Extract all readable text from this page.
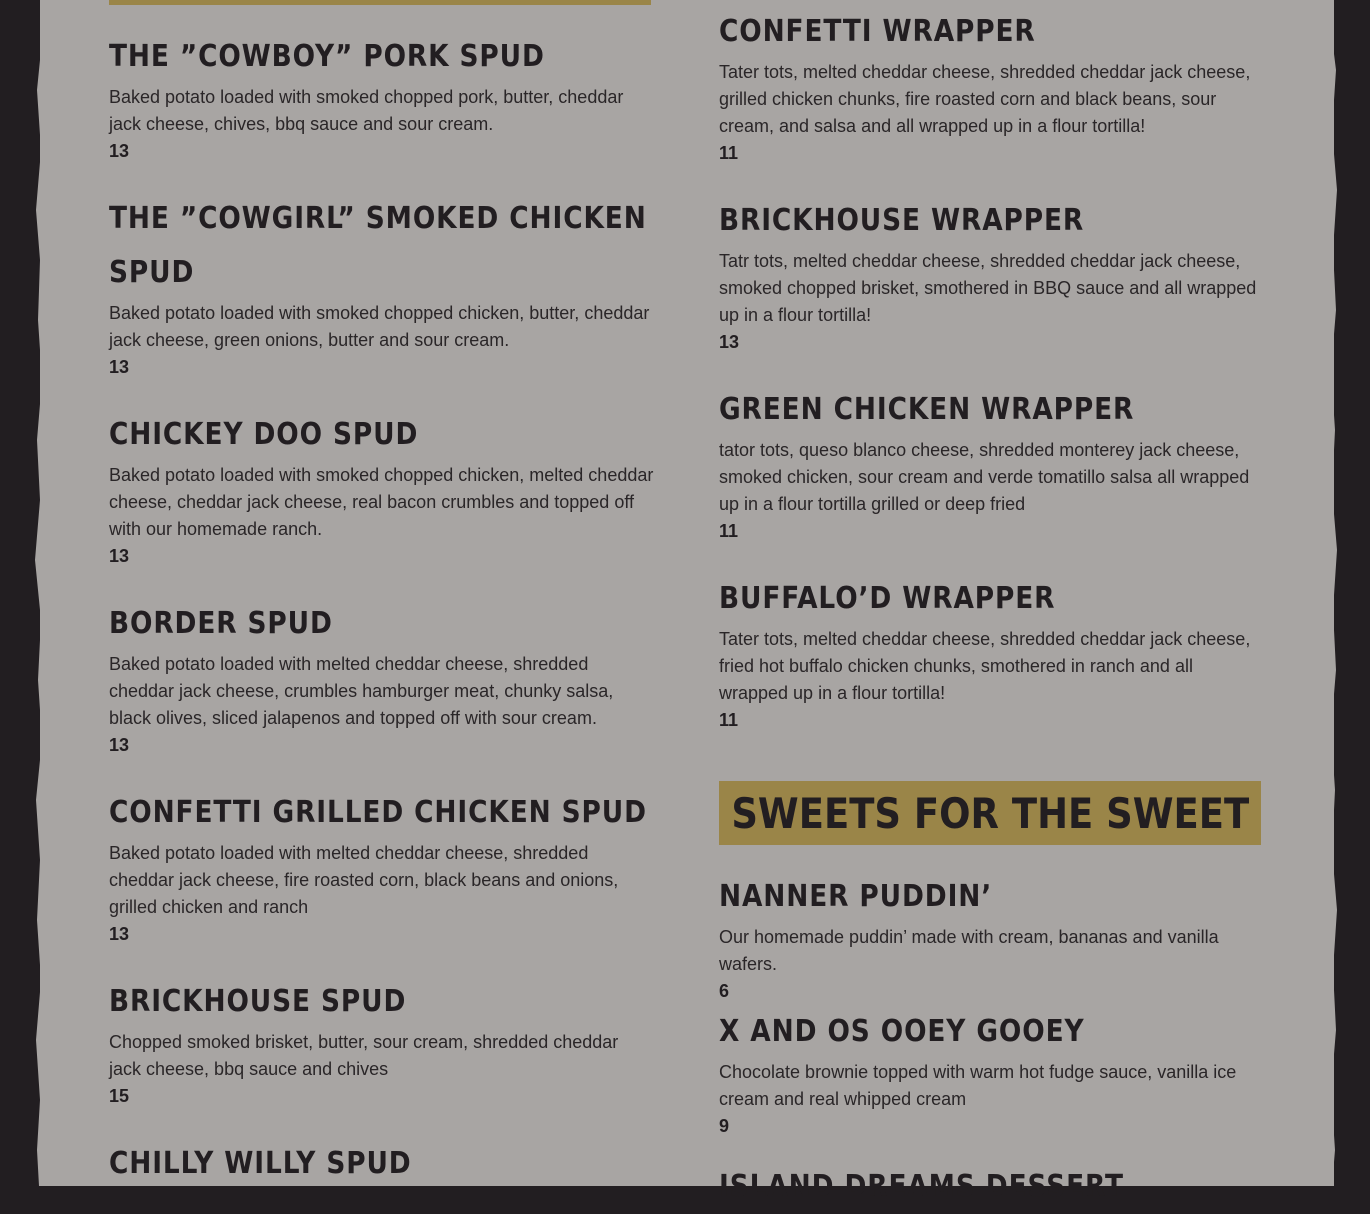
THE ”COWBOY” PORK SPUD

Baked potato loaded with smoked chopped pork, butter, cheddar jack cheese, chives, bbq sauce and sour cream.

13

THE ”COWGIRL” SMOKED CHICKEN SPUD

Baked potato loaded with smoked chopped chicken, butter, cheddar jack cheese, green onions, butter and sour cream.

13

CHICKEY DOO SPUD

Baked potato loaded with smoked chopped chicken, melted cheddar cheese, cheddar jack cheese, real bacon crumbles and topped off with our homemade ranch.

13

BORDER SPUD

Baked potato loaded with melted cheddar cheese, shredded cheddar jack cheese, crumbles hamburger meat, chunky salsa, black olives, sliced jalapenos and topped off with sour cream.

13

CONFETTI GRILLED CHICKEN SPUD

Baked potato loaded with melted cheddar cheese, shredded cheddar jack cheese, fire roasted corn, black beans and onions, grilled chicken and ranch

13

BRICKHOUSE SPUD

Chopped smoked brisket, butter, sour cream, shredded cheddar jack cheese, bbq sauce and chives

15

CHILLY WILLY SPUD
CONFETTI WRAPPER

Tater tots, melted cheddar cheese, shredded cheddar jack cheese, grilled chicken chunks, fire roasted corn and black beans, sour cream, and salsa and all wrapped up in a flour tortilla!

11

BRICKHOUSE WRAPPER

Tatr tots, melted cheddar cheese, shredded cheddar jack cheese, smoked chopped brisket, smothered in BBQ sauce and all wrapped up in a flour tortilla!

13

GREEN CHICKEN WRAPPER

tator tots, queso blanco cheese, shredded monterey jack cheese, smoked chicken, sour cream and verde tomatillo salsa all wrapped up in a flour tortilla grilled or deep fried

11

BUFFALO’D WRAPPER

Tater tots, melted cheddar cheese, shredded cheddar jack cheese, fried hot buffalo chicken chunks, smothered in ranch and all wrapped up in a flour tortilla!

11

SWEETS FOR THE SWEET
NANNER PUDDIN’

Our homemade puddin’ made with cream, bananas and vanilla wafers.

6

X AND OS OOEY GOOEY

Chocolate brownie topped with warm hot fudge sauce, vanilla ice cream and real whipped cream

9

ISLAND DREAMS DESSERT
